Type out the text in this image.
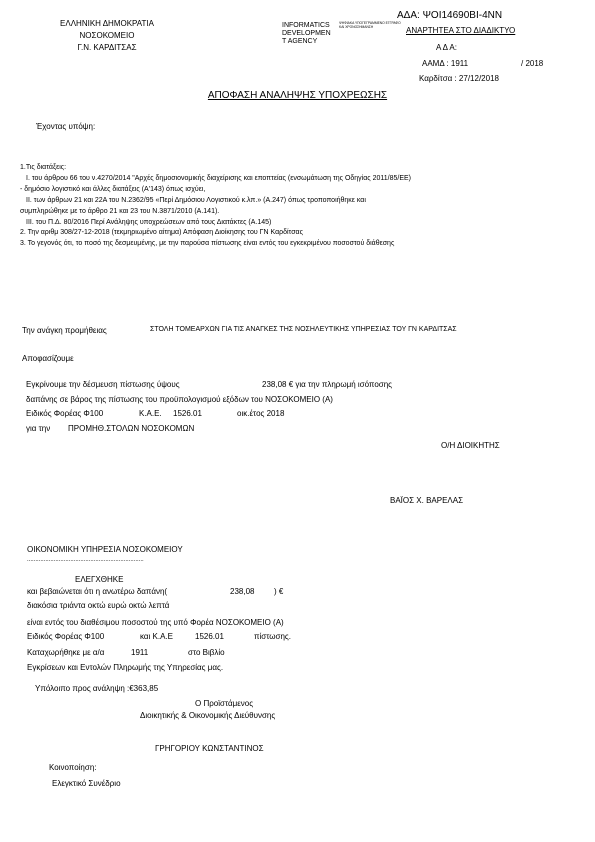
ΕΛΛΗΝΙΚΗ ΔΗΜΟΚΡΑΤΙΑ
ΝΟΣΟΚΟΜΕΙΟ
Γ.Ν. ΚΑΡΔΙΤΣΑΣ
INFORMATICS
DEVELOPMEN
T AGENCY
ΨΗΦΙΑΚΑ ΥΠΟΓΕΓΡΑΜΜΕΝΟ ΕΓΓΡΑΦΟ ΚΑΙ ΧΡΟΝΟΣΗΜΑΝΣΗ
ΑΔΑ: ΨΟΙ14690ΒΙ-4ΝΝ
ΑΝΑΡΤΗΤΕΑ ΣΤΟ ΔΙΑΔΙΚΤΥΟ
Α Δ Α:
ΑΑΜΔ : 1911	/ 2018
Καρδίτσα : 27/12/2018
ΑΠΟΦΑΣΗ ΑΝΑΛΗΨΗΣ ΥΠΟΧΡΕΩΣΗΣ
Έχοντας υπόψη:
1.Τις διατάξεις:
I. του άρθρου 66 του ν.4270/2014 "Αρχές δημοσιονομικής διαχείρισης και εποπτείας (ενσωμάτωση της Οδηγίας 2011/85/ΕΕ)
- δημόσιο λογιστικό και άλλες διατάξεις (Α'143) όπως ισχύει,
II. των άρθρων 21 και 22Α του Ν.2362/95 «Περί Δημόσιου Λογιστικού κ.λπ.» (Α.247) όπως τροποποιήθηκε και
συμπληρώθηκε με το άρθρο 21 και 23 του Ν.3871/2010 (Α.141).
III. του Π.Δ. 80/2016 Περί Ανάληψης υποχρεώσεων από τους Διατάκτες (Α.145)
2. Την αριθμ 308/27-12-2018 (τεκμηριωμένο αίτημα) Απόφαση Διοίκησης του ΓΝ Καρδίτσας
3. Το γεγονός ότι, το ποσό της δεσμευμένης, με την παρούσα πίστωσης είναι εντός του εγκεκριμένου ποσοστού διάθεσης
Την ανάγκη προμήθειας	ΣΤΟΛΗ ΤΟΜΕΑΡΧΩΝ ΓΙΑ ΤΙΣ ΑΝΑΓΚΕΣ ΤΗΣ ΝΟΣΗΛΕΥΤΙΚΗΣ ΥΠΗΡΕΣΙΑΣ ΤΟΥ ΓΝ ΚΑΡΔΙΤΣΑΣ
Αποφασίζουμε
Εγκρίνουμε την δέσμευση πίστωσης ύψους	238,08 € για την πληρωμή ισόποσης
δαπάνης σε βάρος της πίστωσης του προϋπολογισμού εξόδων του ΝΟΣΟΚΟΜΕΙΟ (Α)
Ειδικός Φορέας Φ100	Κ.Α.Ε. 1526.01	οικ.έτος 2018
για την ΠΡΟΜΗΘ.ΣΤΟΛΩΝ ΝΟΣΟΚΟΜΩΝ
Ο/Η ΔΙΟΙΚΗΤΗΣ
ΒΑΪΟΣ Χ. ΒΑΡΕΛΑΣ
ΟΙΚΟΝΟΜΙΚΗ ΥΠΗΡΕΣΙΑ ΝΟΣΟΚΟΜΕΙΟΥ
......................................................................
ΕΛΕΓΧΘΗΚΕ
και βεβαιώνεται ότι η ανωτέρω δαπάνη(	238,08 ) €
διακόσια τριάντα οκτώ ευρώ οκτώ λεπτά
είναι εντός του διαθέσιμου ποσοστού της υπό Φορέα ΝΟΣΟΚΟΜΕΙΟ (Α)
Ειδικός Φορέας Φ100	και Κ.Α.Ε	1526.01	πίστωσης.
Καταχωρήθηκε με α/α	1911	στο Βιβλίο
Εγκρίσεων και Εντολών Πληρωμής της Υπηρεσίας μας.
Υπόλοιπο προς ανάληψη :€363,85
Ο Προϊστάμενος
Διοικητικής & Οικονομικής Διεύθυνσης
ΓΡΗΓΟΡΙΟΥ ΚΩΝΣΤΑΝΤΙΝΟΣ
Κοινοποίηση:
Ελεγκτικό Συνέδριο
